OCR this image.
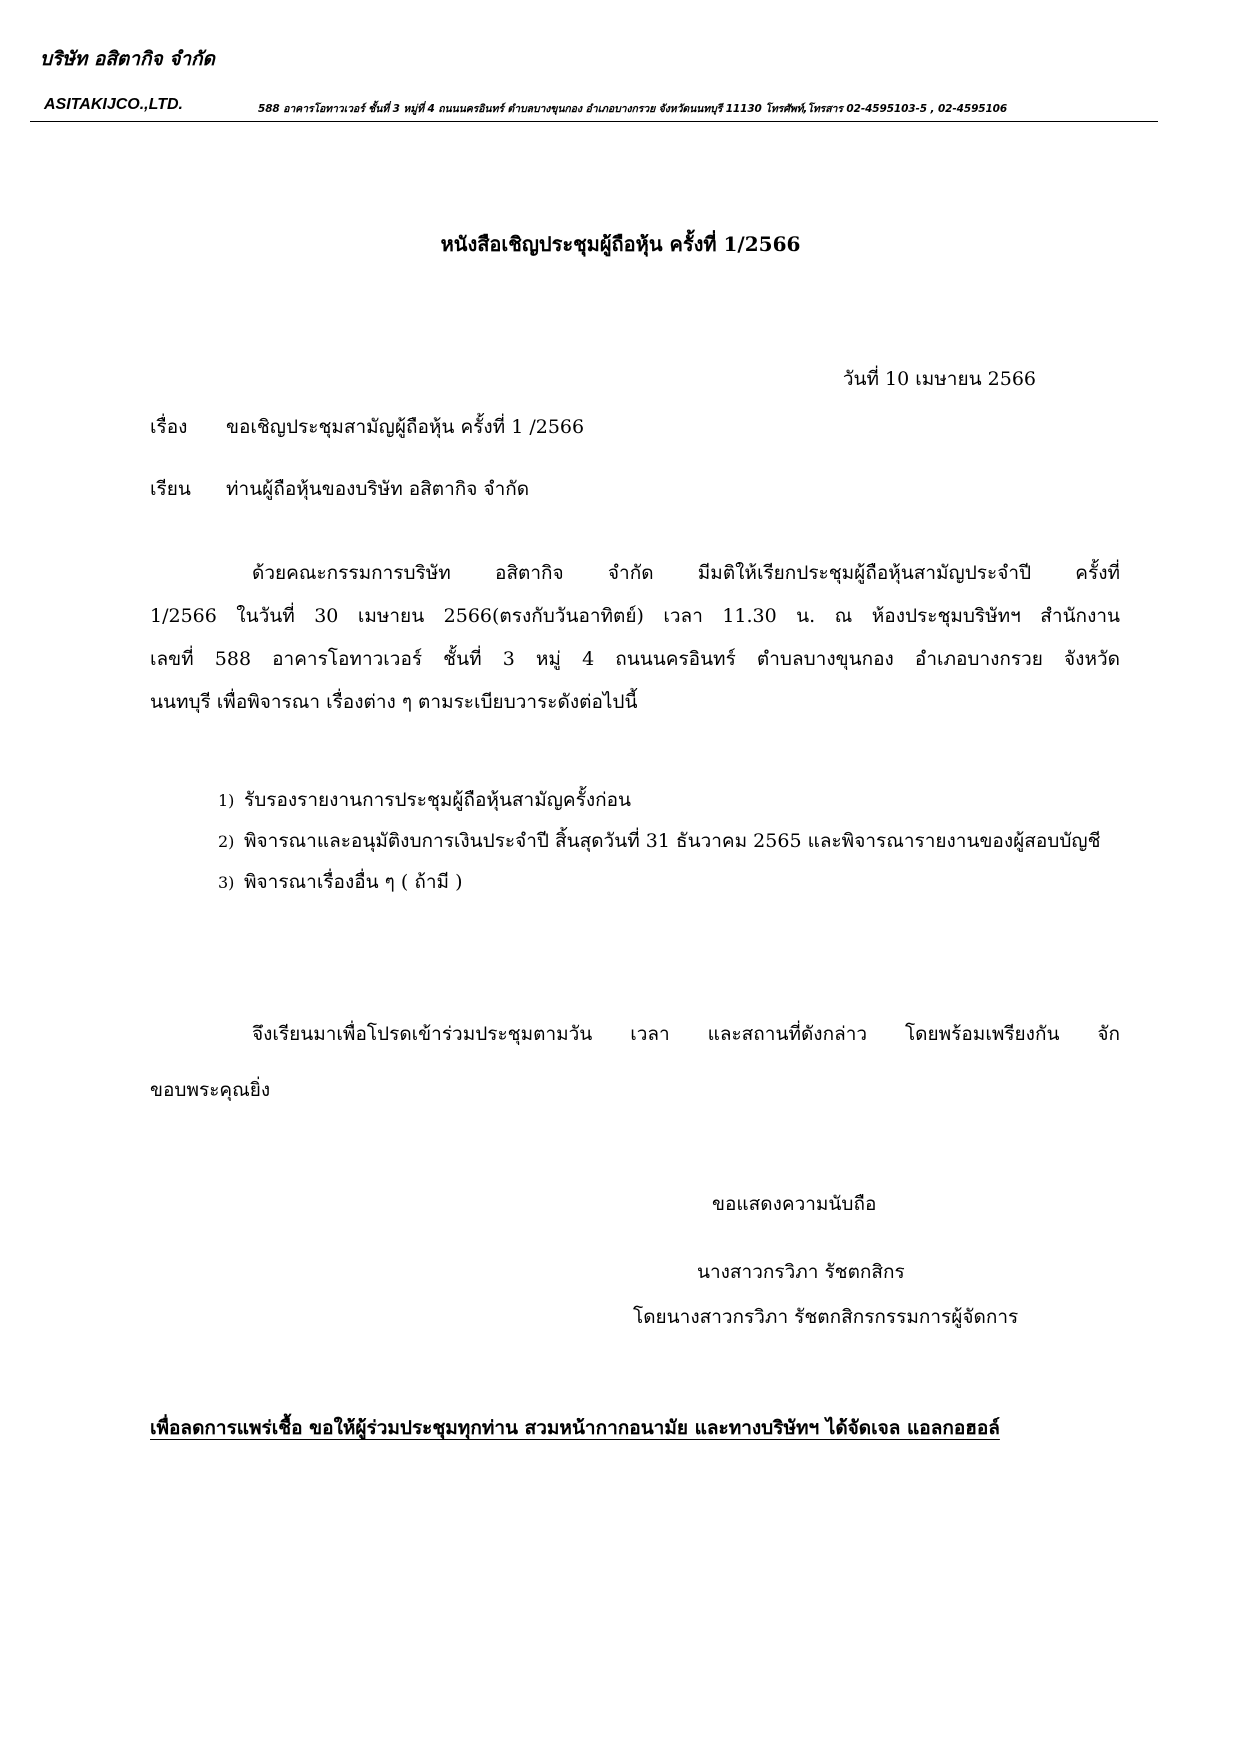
บริษัท อสิตากิจ จำกัด
ASITAKIJCO.,LTD.	588 อาคารโอทาวเวอร์ ชั้นที่ 3 หมู่ที่ 4 ถนนนครอินทร์ ตำบลบางขุนกอง อำเภอบางกรวย จังหวัดนนทบุรี 11130 โทรศัพท์,โทรสาร 02-4595103-5 , 02-4595106
หนังสือเชิญประชุมผู้ถือหุ้น ครั้งที่ 1/2566
วันที่ 10 เมษายน 2566
เรื่อง ขอเชิญประชุมสามัญผู้ถือหุ้น ครั้งที่ 1 /2566
เรียน ท่านผู้ถือหุ้นของบริษัท อสิตากิจ จำกัด

ด้วยคณะกรรมการบริษัท อสิตากิจ จำกัด มีมติให้เรียกประชุมผู้ถือหุ้นสามัญประจำปี ครั้งที่

1/2566 ในวันที่ 30 เมษายน 2566(ตรงกับวันอาทิตย์) เวลา 11.30 น. ณ ห้องประชุมบริษัทฯ สำนักงาน

เลขที่ 588 อาคารโอทาวเวอร์ ชั้นที่ 3 หมู่ 4 ถนนนครอินทร์ ตำบลบางขุนกอง อำเภอบางกรวย จังหวัด

นนทบุรี เพื่อพิจารณา เรื่องต่าง ๆ ตามระเบียบวาระดังต่อไปนี้

1) รับรองรายงานการประชุมผู้ถือหุ้นสามัญครั้งก่อน
2) พิจารณาและอนุมัติงบการเงินประจำปี สิ้นสุดวันที่ 31 ธันวาคม 2565 และพิจารณารายงานของผู้สอบบัญชี
3) พิจารณาเรื่องอื่น ๆ ( ถ้ามี )

จึงเรียนมาเพื่อโปรดเข้าร่วมประชุมตามวัน เวลา และสถานที่ดังกล่าว โดยพร้อมเพรียงกัน จัก

ขอบพระคุณยิ่ง

ขอแสดงความนับถือ
นางสาวกรวิภา รัชตกสิกร
โดยนางสาวกรวิภา รัชตกสิกรกรรมการผู้จัดการ
เพื่อลดการแพร่เชื้อ ขอให้ผู้ร่วมประชุมทุกท่าน สวมหน้ากากอนามัย และทางบริษัทฯ ได้จัดเจล แอลกอฮอล์
